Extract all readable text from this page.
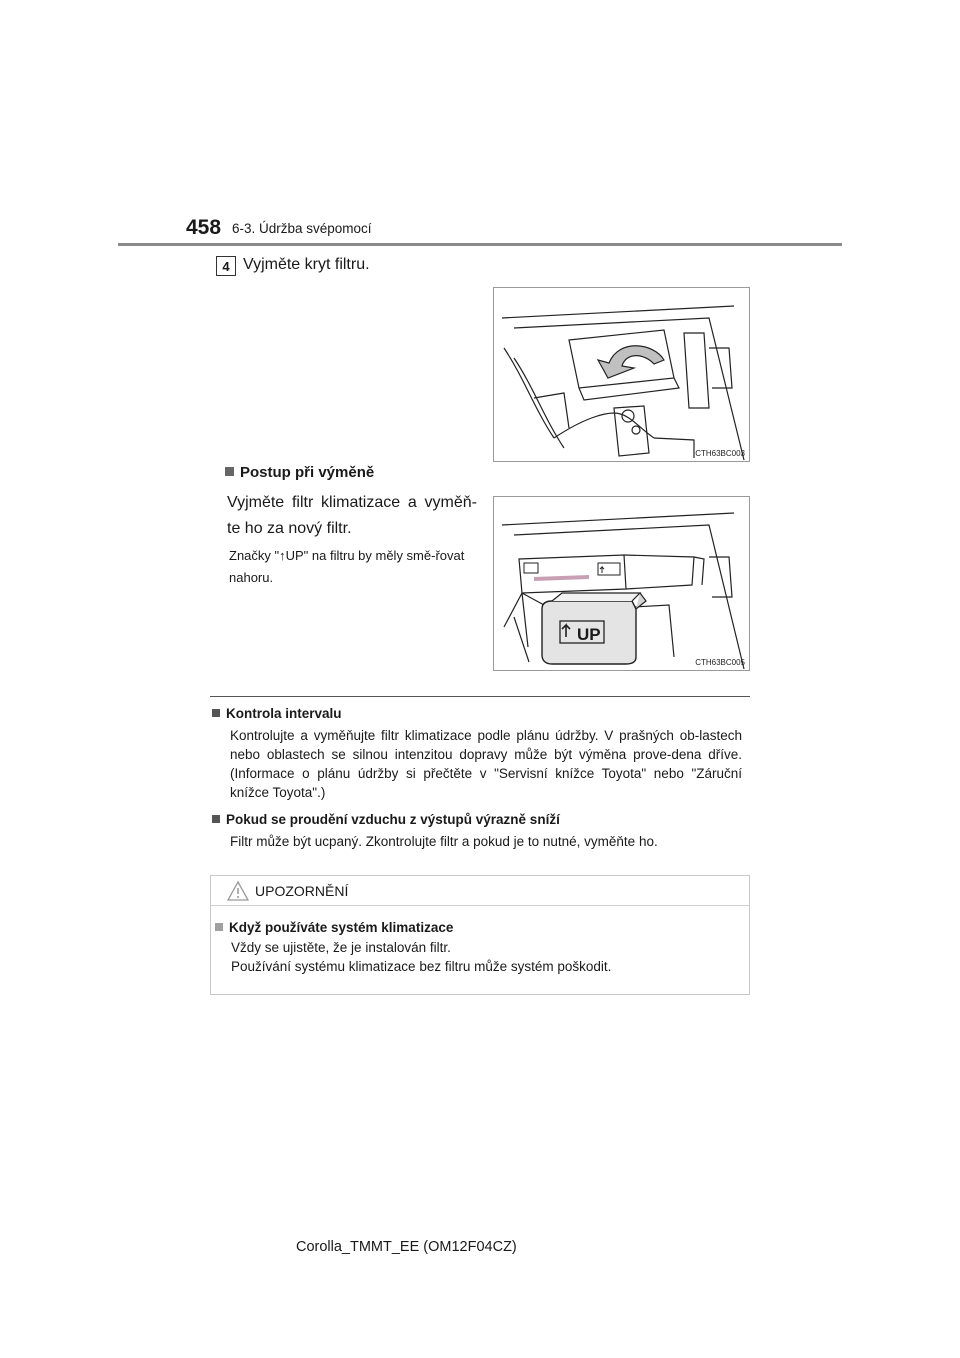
458 6-3. Údržba svépomocí
4 Vyjměte kryt filtru.
CTH63BC003
Postup při výměně
Vyjměte filtr klimatizace a vyměň-te ho za nový filtr.
Značky "↑UP" na filtru by měly smě-řovat nahoru.
UP
CTH63BC005
Kontrola intervalu
Kontrolujte a vyměňujte filtr klimatizace podle plánu údržby. V prašných ob-lastech nebo oblastech se silnou intenzitou dopravy může být výměna prove-dena dříve. (Informace o plánu údržby si přečtěte v "Servisní knížce Toyota" nebo "Záruční knížce Toyota".)
Pokud se proudění vzduchu z výstupů výrazně sníží
Filtr může být ucpaný. Zkontrolujte filtr a pokud je to nutné, vyměňte ho.
UPOZORNĚNÍ
Když používáte systém klimatizace
Vždy se ujistěte, že je instalován filtr.
Používání systému klimatizace bez filtru může systém poškodit.
Corolla_TMMT_EE (OM12F04CZ)
